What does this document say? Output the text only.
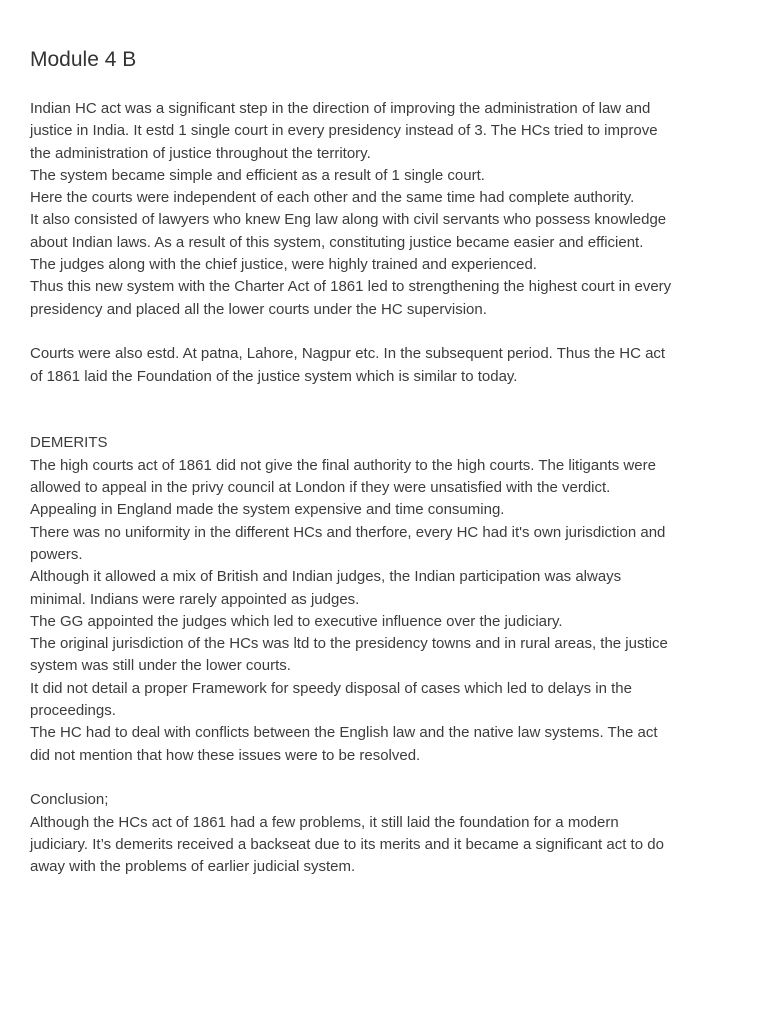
Module 4 B
Indian HC act was a significant step in the direction of improving the administration of law and
justice in India. It estd 1 single court in every presidency instead of 3. The HCs tried to improve
the administration of justice throughout the territory.
The system became simple and efficient as a result of 1 single court.
Here the courts were independent of each other and the same time had complete authority.
It also consisted of lawyers who knew Eng law along with civil servants who possess knowledge
about Indian laws. As a result of this system, constituting justice became easier and efficient.
The judges along with the chief justice, were highly trained and experienced.
Thus this new system with the Charter Act of 1861 led to strengthening the highest court in every
presidency and placed all the lower courts under the HC supervision.
Courts were also estd. At patna, Lahore, Nagpur etc. In the subsequent period. Thus the HC act
of 1861 laid the Foundation of the justice system which is similar to today.
DEMERITS
The high courts act of 1861 did not give the final authority to the high courts. The litigants were
allowed to appeal in the privy council at London if they were unsatisfied with the verdict.
Appealing in England made the system expensive and time consuming.
There was no uniformity in the different HCs and therfore, every HC had it's own jurisdiction and
powers.
Although it allowed a mix of British and Indian judges, the Indian participation was always
minimal. Indians were rarely appointed as judges.
The GG appointed the judges which led to executive influence over the judiciary.
The original jurisdiction of the HCs was ltd to the presidency towns and in rural areas, the justice
system was still under the lower courts.
It did not detail a proper Framework for speedy disposal of cases which led to delays in the
proceedings.
The HC had to deal with conflicts between the English law and the native law systems. The act
did not mention that how these issues were to be resolved.
Conclusion;
Although the HCs act of 1861 had a few problems, it still laid the foundation for a modern
judiciary. It’s demerits received a backseat due to its merits and it became a significant act to do
away with the problems of earlier judicial system.
